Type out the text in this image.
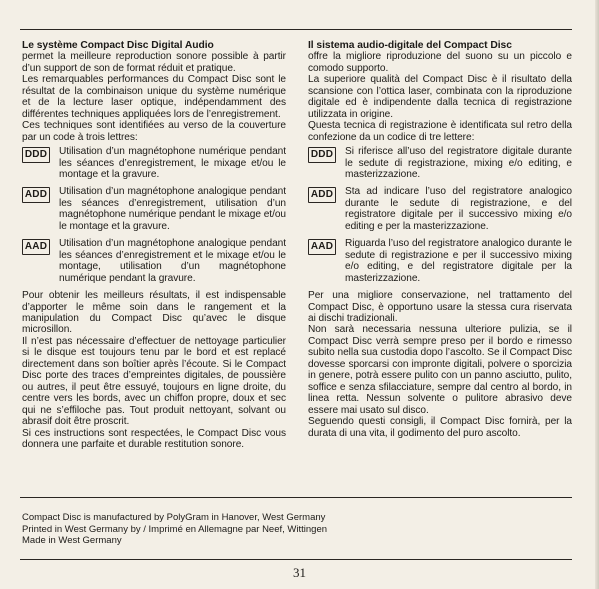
Le système Compact Disc Digital Audio

permet la meilleure reproduction sonore possible à partir d’un support de son de format réduit et pratique.

Les remarquables performances du Compact Disc sont le résultat de la combinaison unique du système numérique et de la lecture laser optique, indépendamment des différentes techniques appliquées lors de l’enregistrement.

Ces techniques sont identifiées au verso de la couverture par un code à trois lettres:

DDD Utilisation d’un magnétophone numérique pendant les séances d’enregistrement, le mixage et/ou le montage et la gravure.
ADD Utilisation d’un magnétophone analogique pendant les séances d’enregistrement, utilisation d’un magnétophone numérique pendant le mixage et/ou le montage et la gravure.
AAD Utilisation d’un magnétophone analogique pendant les séances d’enregistrement et le mixage et/ou le montage, utilisation d’un magnétophone numérique pendant la gravure.

Pour obtenir les meilleurs résultats, il est indispensable d’apporter le même soin dans le rangement et la manipulation du Compact Disc qu’avec le disque microsillon.

Il n’est pas nécessaire d’effectuer de nettoyage particulier si le disque est toujours tenu par le bord et est replacé directement dans son boîtier après l’écoute. Si le Compact Disc porte des traces d’empreintes digitales, de poussière ou autres, il peut être essuyé, toujours en ligne droite, du centre vers les bords, avec un chiffon propre, doux et sec qui ne s’effiloche pas. Tout produit nettoyant, solvant ou abrasif doit être proscrit.

Si ces instructions sont respectées, le Compact Disc vous donnera une parfaite et durable restitution sonore.

Il sistema audio-digitale del Compact Disc

offre la migliore riproduzione del suono su un piccolo e comodo supporto.

La superiore qualità del Compact Disc è il risultato della scansione con l’ottica laser, combinata con la riproduzione digitale ed è indipendente dalla tecnica di registrazione utilizzata in origine.

Questa tecnica di registrazione è identificata sul retro della confezione da un codice di tre lettere:

DDD Si riferisce all’uso del registratore digitale durante le sedute di registrazione, mixing e/o editing, e masterizzazione.
ADD Sta ad indicare l’uso del registratore analogico durante le sedute di registrazione, e del registratore digitale per il successivo mixing e/o editing e per la masterizzazione.
AAD Riguarda l’uso del registratore analogico durante le sedute di registrazione e per il successivo mixing e/o editing, e del registratore digitale per la masterizzazione.

Per una migliore conservazione, nel trattamento del Compact Disc, è opportuno usare la stessa cura riservata ai dischi tradizionali.

Non sarà necessaria nessuna ulteriore pulizia, se il Compact Disc verrà sempre preso per il bordo e rimesso subito nella sua custodia dopo l’ascolto. Se il Compact Disc dovesse sporcarsi con impronte digitali, polvere o sporcizia in genere, potrà essere pulito con un panno asciutto, pulito, soffice e senza sfilacciature, sempre dal centro al bordo, in linea retta. Nessun solvente o pulitore abrasivo deve essere mai usato sul disco.

Seguendo questi consigli, il Compact Disc fornirà, per la durata di una vita, il godimento del puro ascolto.

Compact Disc is manufactured by PolyGram in Hanover, West Germany
Printed in West Germany by / Imprimé en Allemagne par Neef, Wittingen
Made in West Germany
31
